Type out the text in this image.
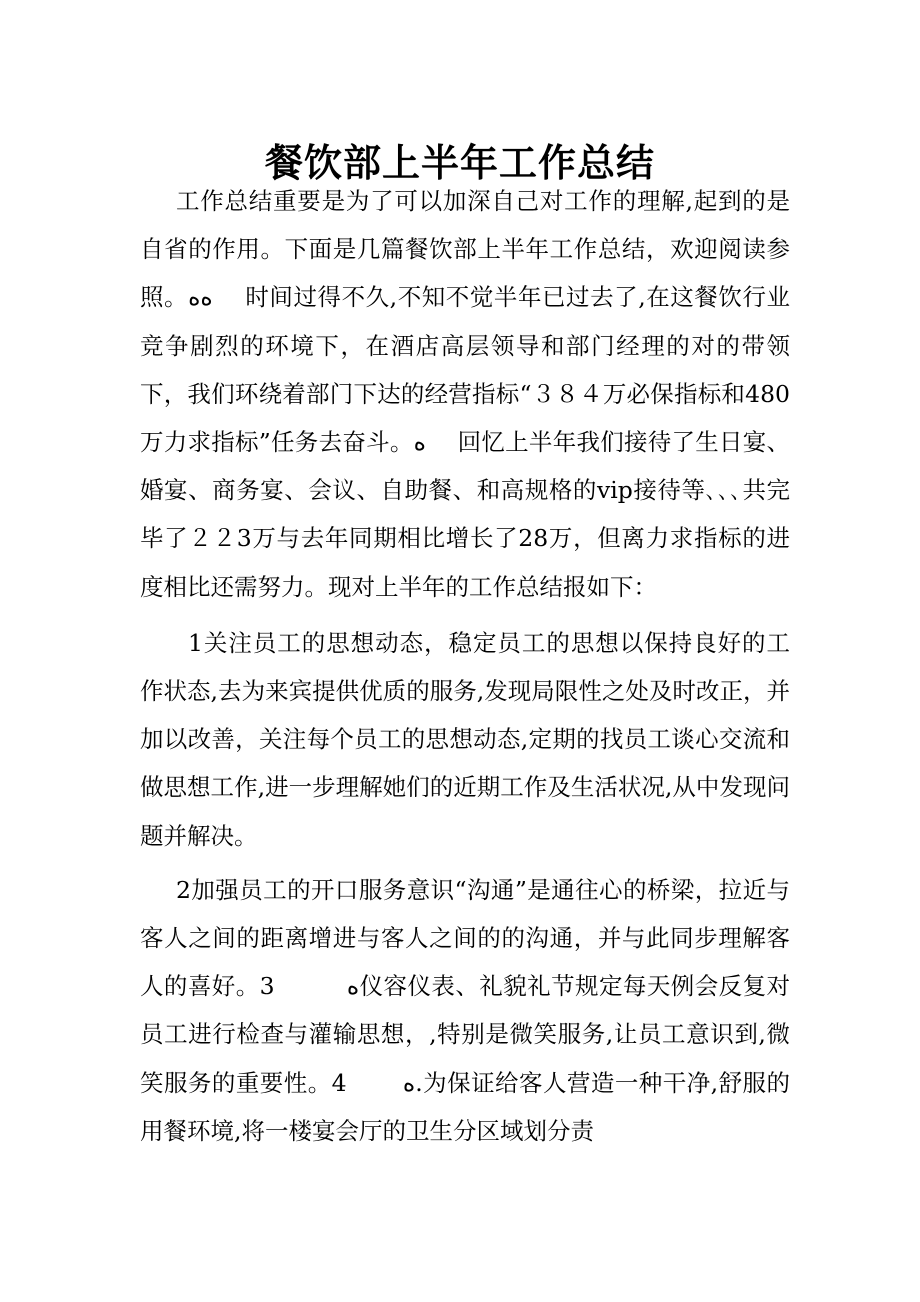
餐饮部上半年工作总结

工作总结重要是为了可以加深自己对工作的理解,起到的是自省的作用。下面是几篇餐饮部上半年工作总结，欢迎阅读参照。ﻩﻩ　 时间过得不久,不知不觉半年已过去了,在这餐饮行业竞争剧烈的环境下，在酒店高层领导和部门经理的对的带领下，我们环绕着部门下达的经营指标“３８４万必保指标和480万力求指标”任务去奋斗。ﻩ　 回忆上半年我们接待了生日宴、婚宴、商务宴、会议、自助餐、和高规格的vip接待等､､､共完毕了２２3万与去年同期相比增长了28万，但离力求指标的进度相比还需努力。现对上半年的工作总结报如下：

1关注员工的思想动态，稳定员工的思想以保持良好的工作状态,去为来宾提供优质的服务,发现局限性之处及时改正，并加以改善，关注每个员工的思想动态,定期的找员工谈心交流和做思想工作,进一步理解她们的近期工作及生活状况,从中发现问题并解决。

2加强员工的开口服务意识“沟通”是通往心的桥梁，拉近与客人之间的距离增进与客人之间的的沟通，并与此同步理解客人的喜好。3　　　ﻩ仪容仪表、礼貌礼节规定每天例会反复对员工进行检查与灌输思想，,特别是微笑服务,让员工意识到,微笑服务的重要性。4　　 ﻩ.为保证给客人营造一种干净,舒服的用餐环境,将一楼宴会厅的卫生分区域划分责
